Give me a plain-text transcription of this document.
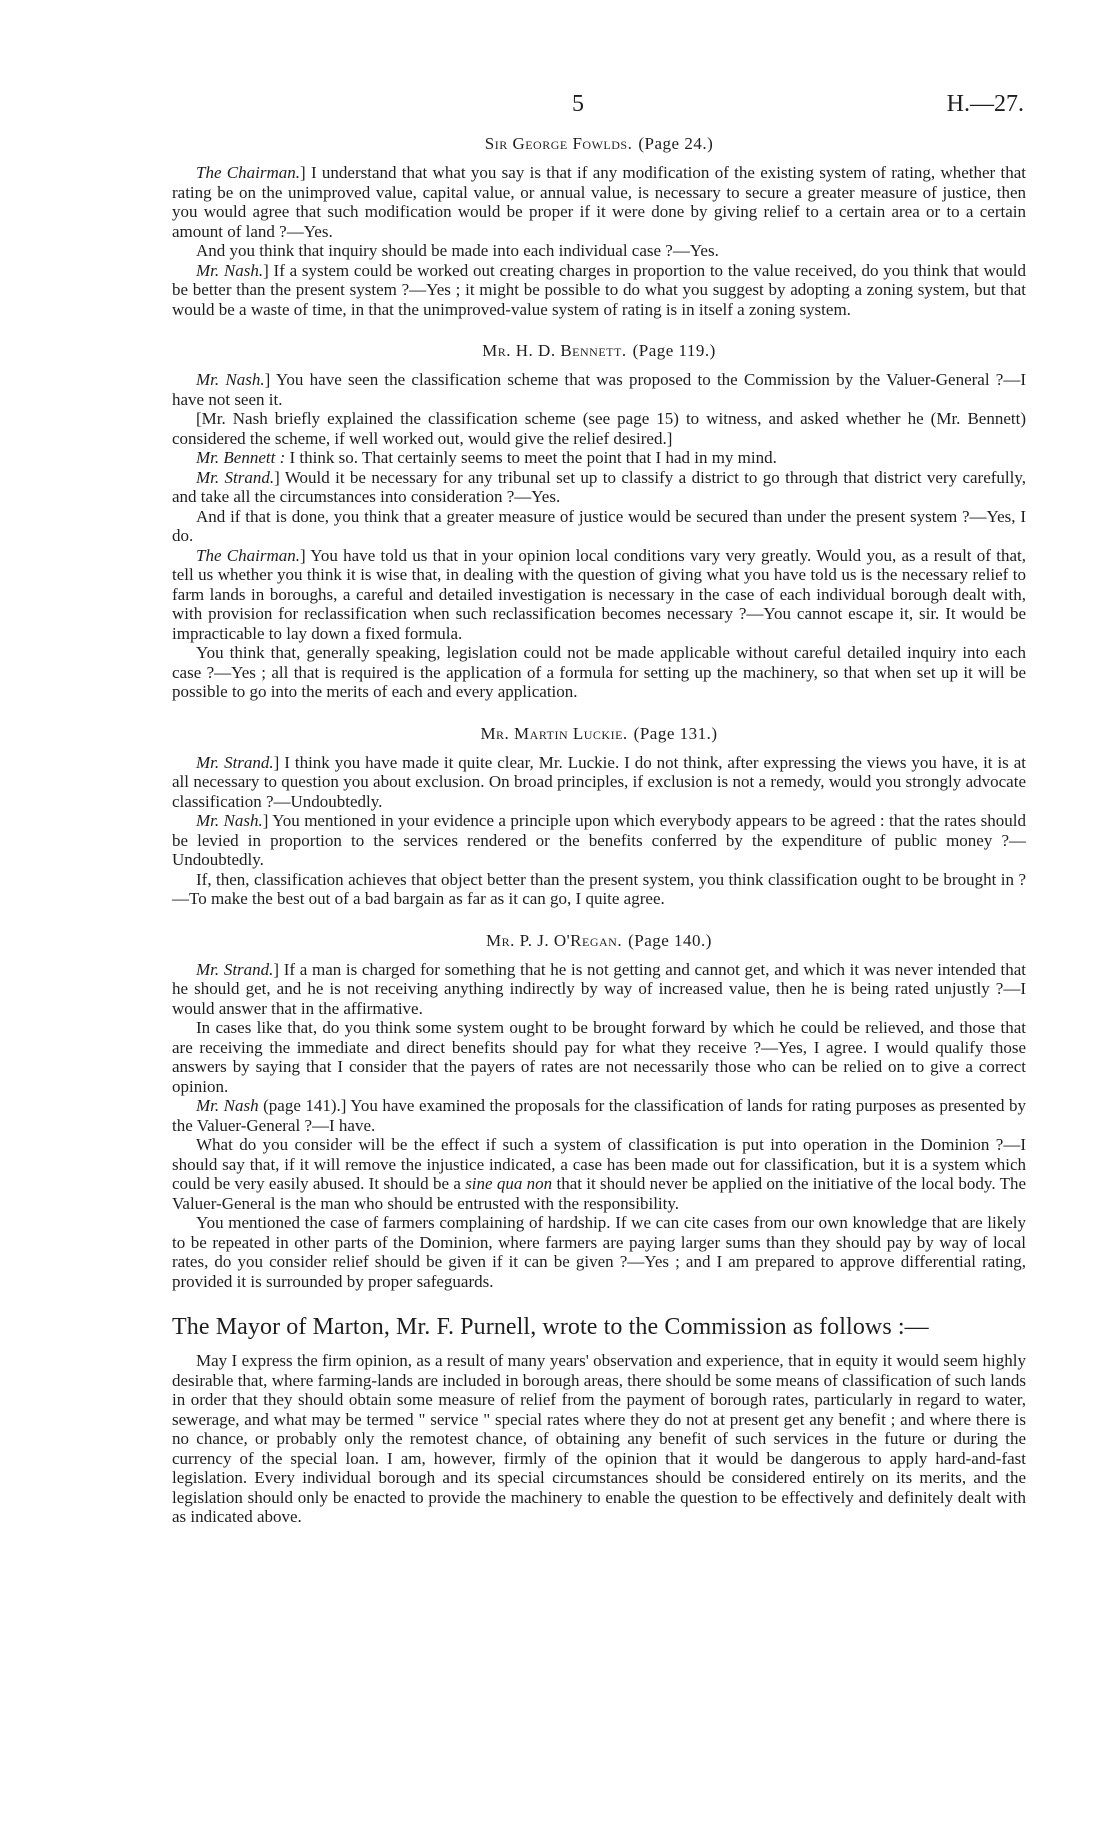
5	H.—27.
Sir George Fowlds. (Page 24.)

The Chairman.] I understand that what you say is that if any modification of the existing system of rating, whether that rating be on the unimproved value, capital value, or annual value, is necessary to secure a greater measure of justice, then you would agree that such modification would be proper if it were done by giving relief to a certain area or to a certain amount of land ?—Yes.

And you think that inquiry should be made into each individual case ?—Yes.

Mr. Nash.] If a system could be worked out creating charges in proportion to the value received, do you think that would be better than the present system ?—Yes ; it might be possible to do what you suggest by adopting a zoning system, but that would be a waste of time, in that the unimproved-value system of rating is in itself a zoning system.

Mr. H. D. Bennett. (Page 119.)

Mr. Nash.] You have seen the classification scheme that was proposed to the Commission by the Valuer-General ?—I have not seen it.

[Mr. Nash briefly explained the classification scheme (see page 15) to witness, and asked whether he (Mr. Bennett) considered the scheme, if well worked out, would give the relief desired.]

Mr. Bennett : I think so. That certainly seems to meet the point that I had in my mind.

Mr. Strand.] Would it be necessary for any tribunal set up to classify a district to go through that district very carefully, and take all the circumstances into consideration ?—Yes.

And if that is done, you think that a greater measure of justice would be secured than under the present system ?—Yes, I do.

The Chairman.] You have told us that in your opinion local conditions vary very greatly. Would you, as a result of that, tell us whether you think it is wise that, in dealing with the question of giving what you have told us is the necessary relief to farm lands in boroughs, a careful and detailed investigation is necessary in the case of each individual borough dealt with, with provision for reclassification when such reclassification becomes necessary ?—You cannot escape it, sir. It would be impracticable to lay down a fixed formula.

You think that, generally speaking, legislation could not be made applicable without careful detailed inquiry into each case ?—Yes ; all that is required is the application of a formula for setting up the machinery, so that when set up it will be possible to go into the merits of each and every application.

Mr. Martin Luckie. (Page 131.)

Mr. Strand.] I think you have made it quite clear, Mr. Luckie. I do not think, after expressing the views you have, it is at all necessary to question you about exclusion. On broad principles, if exclusion is not a remedy, would you strongly advocate classification ?—Undoubtedly.

Mr. Nash.] You mentioned in your evidence a principle upon which everybody appears to be agreed : that the rates should be levied in proportion to the services rendered or the benefits conferred by the expenditure of public money ?—Undoubtedly.

If, then, classification achieves that object better than the present system, you think classification ought to be brought in ?—To make the best out of a bad bargain as far as it can go, I quite agree.

Mr. P. J. O'Regan. (Page 140.)

Mr. Strand.] If a man is charged for something that he is not getting and cannot get, and which it was never intended that he should get, and he is not receiving anything indirectly by way of increased value, then he is being rated unjustly ?—I would answer that in the affirmative.

In cases like that, do you think some system ought to be brought forward by which he could be relieved, and those that are receiving the immediate and direct benefits should pay for what they receive ?—Yes, I agree. I would qualify those answers by saying that I consider that the payers of rates are not necessarily those who can be relied on to give a correct opinion.

Mr. Nash (page 141).] You have examined the proposals for the classification of lands for rating purposes as presented by the Valuer-General ?—I have.

What do you consider will be the effect if such a system of classification is put into operation in the Dominion ?—I should say that, if it will remove the injustice indicated, a case has been made out for classification, but it is a system which could be very easily abused. It should be a sine qua non that it should never be applied on the initiative of the local body. The Valuer-General is the man who should be entrusted with the responsibility.

You mentioned the case of farmers complaining of hardship. If we can cite cases from our own knowledge that are likely to be repeated in other parts of the Dominion, where farmers are paying larger sums than they should pay by way of local rates, do you consider relief should be given if it can be given ?—Yes ; and I am prepared to approve differential rating, provided it is surrounded by proper safeguards.

The Mayor of Marton, Mr. F. Purnell, wrote to the Commission as follows :—

May I express the firm opinion, as a result of many years' observation and experience, that in equity it would seem highly desirable that, where farming-lands are included in borough areas, there should be some means of classification of such lands in order that they should obtain some measure of relief from the payment of borough rates, particularly in regard to water, sewerage, and what may be termed " service " special rates where they do not at present get any benefit ; and where there is no chance, or probably only the remotest chance, of obtaining any benefit of such services in the future or during the currency of the special loan. I am, however, firmly of the opinion that it would be dangerous to apply hard-and-fast legislation. Every individual borough and its special circumstances should be considered entirely on its merits, and the legislation should only be enacted to provide the machinery to enable the question to be effectively and definitely dealt with as indicated above.
